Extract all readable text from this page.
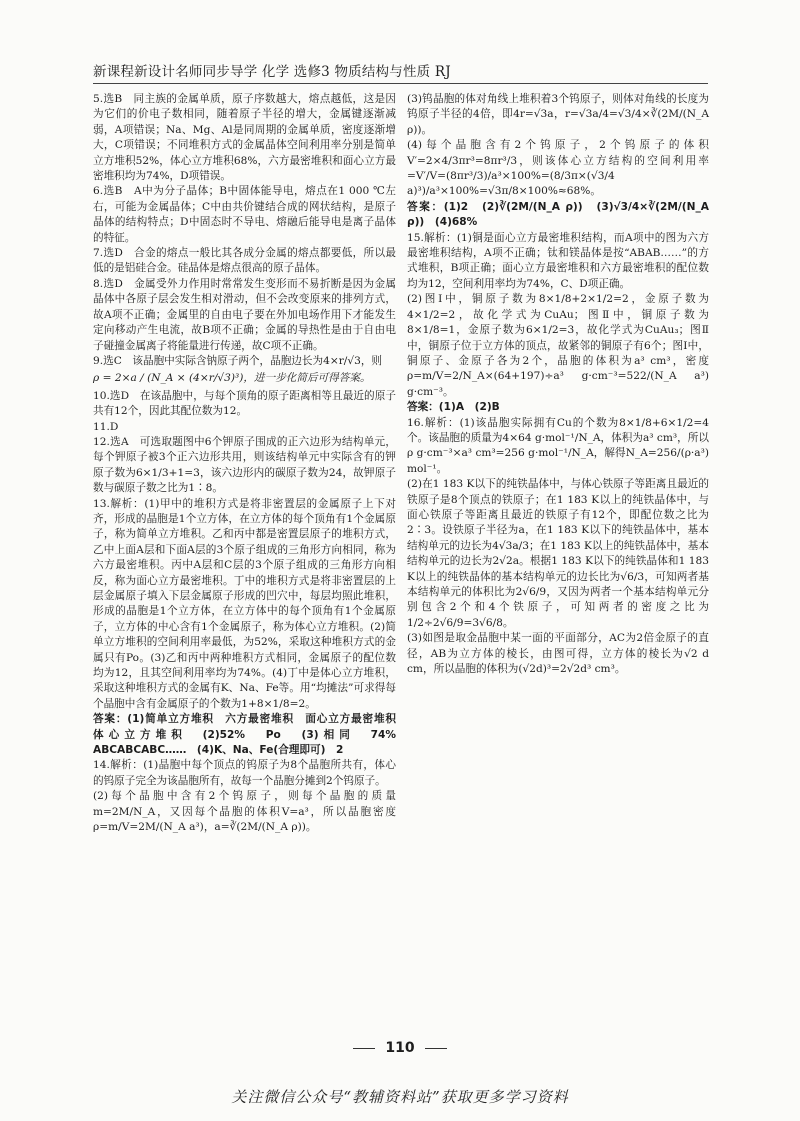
新课程新设计名师同步导学 化学 选修3 物质结构与性质 RJ
5.选B　同主族的金属单质，原子序数越大，熔点越低，这是因为它们的价电子数相同，随着原子半径的增大，金属键逐渐减弱，A项错误；Na、Mg、Al是同周期的金属单质，密度逐渐增大，C项错误；不同堆积方式的金属晶体空间利用率分别是简单立方堆积52%，体心立方堆积68%，六方最密堆积和面心立方最密堆积均为74%，D项错误。
6.选B　A中为分子晶体；B中固体能导电，熔点在1 000 ℃左右，可能为金属晶体；C中由共价键结合成的网状结构，是原子晶体的结构特点；D中固态时不导电、熔融后能导电是离子晶体的特征。
7.选D　合金的熔点一般比其各成分金属的熔点都要低，所以最低的是铝硅合金。硅晶体是熔点很高的原子晶体。
8.选D　金属受外力作用时常常发生变形而不易折断是因为金属晶体中各原子层会发生相对滑动，但不会改变原来的排列方式，故A项不正确；金属里的自由电子要在外加电场作用下才能发生定向移动产生电流，故B项不正确；金属的导热性是由于自由电子碰撞金属离子将能量进行传递，故C项不正确。
9.选C　该晶胞中实际含钠原子两个，晶胞边长为4×r/√3，则
ρ = 2×a / (N_A × (4×r/√3)³)，进一步化简后可得答案。
10.选D　在该晶胞中，与每个顶角的原子距离相等且最近的原子共有12个，因此其配位数为12。
11.D
12.选A　可选取题图中6个钾原子围成的正六边形为结构单元，每个钾原子被3个正六边形共用，则该结构单元中实际含有的钾原子数为6×1/3+1=3，该六边形内的碳原子数为24，故钾原子数与碳原子数之比为1∶8。
13.解析：(1)甲中的堆积方式是将非密置层的金属原子上下对齐，形成的晶胞是1个立方体，在立方体的每个顶角有1个金属原子，称为简单立方堆积。乙和丙中都是密置层原子的堆积方式，乙中上面A层和下面A层的3个原子组成的三角形方向相同，称为六方最密堆积。丙中A层和C层的3个原子组成的三角形方向相反，称为面心立方最密堆积。丁中的堆积方式是将非密置层的上层金属原子填入下层金属原子形成的凹穴中，每层均照此堆积，形成的晶胞是1个立方体，在立方体中的每个顶角有1个金属原子，立方体的中心含有1个金属原子，称为体心立方堆积。(2)简单立方堆积的空间利用率最低，为52%，采取这种堆积方式的金属只有Po。(3)乙和丙中两种堆积方式相同，金属原子的配位数均为12，且其空间利用率均为74%。(4)丁中是体心立方堆积，采取这种堆积方式的金属有K、Na、Fe等。用“均摊法”可求得每个晶胞中含有金属原子的个数为1+8×1/8=2。
答案：(1)简单立方堆积　六方最密堆积　面心立方最密堆积　体心立方堆积　(2)52%　Po　(3)相同　74%　ABCABCABC……　(4)K、Na、Fe(合理即可)　2
14.解析：(1)晶胞中每个顶点的钨原子为8个晶胞所共有，体心的钨原子完全为该晶胞所有，故每一个晶胞分摊到2个钨原子。
(2)每个晶胞中含有2个钨原子，则每个晶胞的质量m=2M/N_A，又因每个晶胞的体积V=a³，所以晶胞密度ρ=m/V=2M/(N_A a³)，a=∛(2M/(N_A ρ))。
(3)钨晶胞的体对角线上堆积着3个钨原子，则体对角线的长度为钨原子半径的4倍，即4r=√3a，r=√3a/4=√3/4×∛(2M/(N_A ρ))。
(4)每个晶胞含有2个钨原子，2个钨原子的体积V′=2×4/3πr³=8πr³/3，则该体心立方结构的空间利用率=V′/V=(8πr³/3)/a³×100%=(8/3π×(√3/4 a)³)/a³×100%=√3π/8×100%≈68%。
答案：(1)2　(2)∛(2M/(N_A ρ))　(3)√3/4×∛(2M/(N_A ρ))　(4)68%
15.解析：(1)铜是面心立方最密堆积结构，而A项中的图为六方最密堆积结构，A项不正确；钛和镁晶体是按“ABAB……”的方式堆积，B项正确；面心立方最密堆积和六方最密堆积的配位数均为12，空间利用率均为74%，C、D项正确。
(2)图Ⅰ中，铜原子数为8×1/8+2×1/2=2，金原子数为4×1/2=2，故化学式为CuAu；图Ⅱ中，铜原子数为8×1/8=1，金原子数为6×1/2=3，故化学式为CuAu₃；图Ⅱ中，铜原子位于立方体的顶点，故紧邻的铜原子有6个；图Ⅰ中，铜原子、金原子各为2个，晶胞的体积为a³ cm³，密度ρ=m/V=2/N_A×(64+197)÷a³ g·cm⁻³=522/(N_A a³) g·cm⁻³。
答案：(1)A　(2)B
16.解析：(1)该晶胞实际拥有Cu的个数为8×1/8+6×1/2=4个。该晶胞的质量为4×64 g·mol⁻¹/N_A，体积为a³ cm³，所以ρ g·cm⁻³×a³ cm³=256 g·mol⁻¹/N_A，解得N_A=256/(ρ·a³) mol⁻¹。
(2)在1 183 K以下的纯铁晶体中，与体心铁原子等距离且最近的铁原子是8个顶点的铁原子；在1 183 K以上的纯铁晶体中，与面心铁原子等距离且最近的铁原子有12个，即配位数之比为2∶3。设铁原子半径为a，在1 183 K以下的纯铁晶体中，基本结构单元的边长为4√3a/3；在1 183 K以上的纯铁晶体中，基本结构单元的边长为2√2a。根据1 183 K以下的纯铁晶体和1 183 K以上的纯铁晶体的基本结构单元的边长比为√6/3，可知两者基本结构单元的体积比为2√6/9，又因为两者一个基本结构单元分别包含2个和4个铁原子，可知两者的密度之比为1/2÷2√6/9=3√6/8。
(3)如图是取金晶胞中某一面的平面部分，AC为2倍金原子的直径，AB为立方体的棱长，由图可得，立方体的棱长为√2 d cm，所以晶胞的体积为(√2d)³=2√2d³ cm³。
110
关注微信公众号“教辅资料站”获取更多学习资料
